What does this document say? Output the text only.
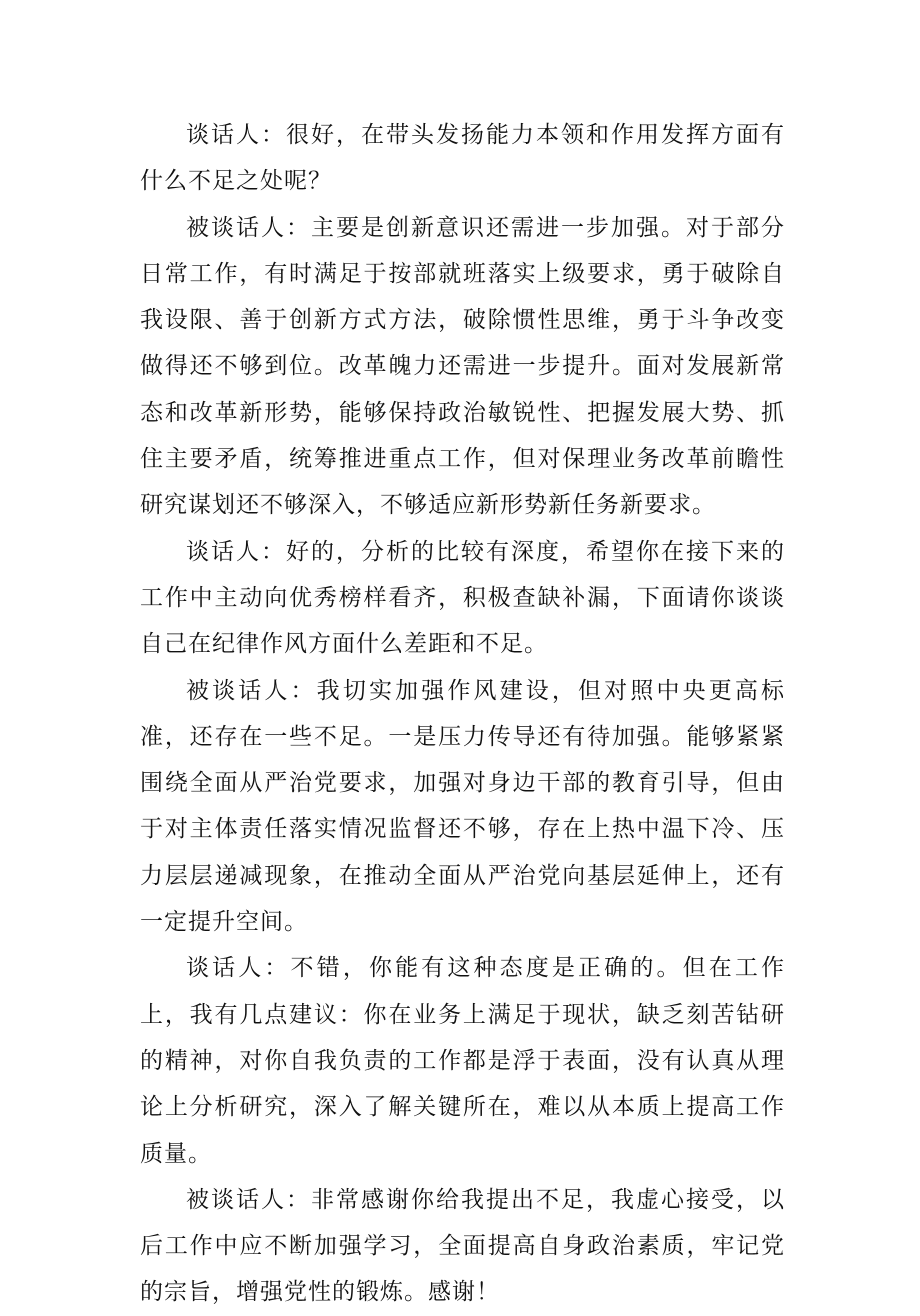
谈话人：很好，在带头发扬能力本领和作用发挥方面有什么不足之处呢？

被谈话人：主要是创新意识还需进一步加强。对于部分日常工作，有时满足于按部就班落实上级要求，勇于破除自我设限、善于创新方式方法，破除惯性思维，勇于斗争改变做得还不够到位。改革魄力还需进一步提升。面对发展新常态和改革新形势，能够保持政治敏锐性、把握发展大势、抓住主要矛盾，统筹推进重点工作，但对保理业务改革前瞻性研究谋划还不够深入，不够适应新形势新任务新要求。

谈话人：好的，分析的比较有深度，希望你在接下来的工作中主动向优秀榜样看齐，积极查缺补漏，下面请你谈谈自己在纪律作风方面什么差距和不足。

被谈话人：我切实加强作风建设，但对照中央更高标准，还存在一些不足。一是压力传导还有待加强。能够紧紧围绕全面从严治党要求，加强对身边干部的教育引导，但由于对主体责任落实情况监督还不够，存在上热中温下冷、压力层层递减现象，在推动全面从严治党向基层延伸上，还有一定提升空间。

谈话人：不错，你能有这种态度是正确的。但在工作上，我有几点建议：你在业务上满足于现状，缺乏刻苦钻研的精神，对你自我负责的工作都是浮于表面，没有认真从理论上分析研究，深入了解关键所在，难以从本质上提高工作质量。

被谈话人：非常感谢你给我提出不足，我虚心接受，以后工作中应不断加强学习，全面提高自身政治素质，牢记党的宗旨，增强党性的锻炼。感谢！
